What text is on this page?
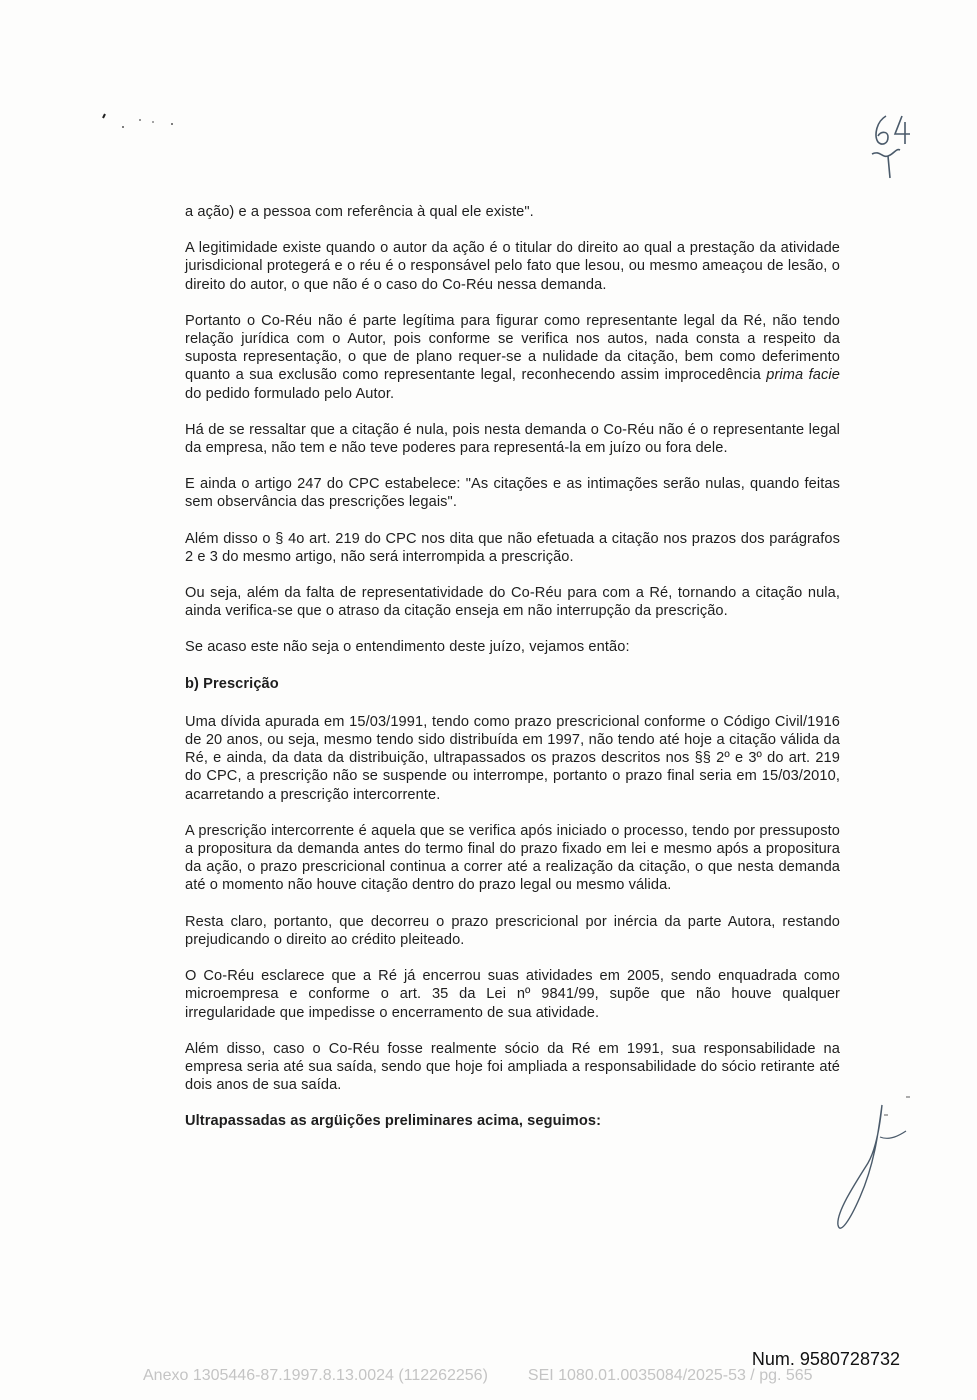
a ação) e a pessoa com referência à qual ele existe".

A legitimidade existe quando o autor da ação é o titular do direito ao qual a prestação da atividade jurisdicional protegerá e o réu é o responsável pelo fato que lesou, ou mesmo ameaçou de lesão, o direito do autor, o que não é o caso do Co-Réu nessa demanda.

Portanto o Co-Réu não é parte legítima para figurar como representante legal da Ré, não tendo relação jurídica com o Autor, pois conforme se verifica nos autos, nada consta a respeito da suposta representação, o que de plano requer-se a nulidade da citação, bem como deferimento quanto a sua exclusão como representante legal, reconhecendo assim improcedência prima facie do pedido formulado pelo Autor.

Há de se ressaltar que a citação é nula, pois nesta demanda o Co-Réu não é o representante legal da empresa, não tem e não teve poderes para representá-la em juízo ou fora dele.

E ainda o artigo 247 do CPC estabelece: "As citações e as intimações serão nulas, quando feitas sem observância das prescrições legais".

Além disso o § 4o art. 219 do CPC nos dita que não efetuada a citação nos prazos dos parágrafos 2 e 3 do mesmo artigo, não será interrompida a prescrição.

Ou seja, além da falta de representatividade do Co-Réu para com a Ré, tornando a citação nula, ainda verifica-se que o atraso da citação enseja em não interrupção da prescrição.

Se acaso este não seja o entendimento deste juízo, vejamos então:

b) Prescrição

Uma dívida apurada em 15/03/1991, tendo como prazo prescricional conforme o Código Civil/1916 de 20 anos, ou seja, mesmo tendo sido distribuída em 1997, não tendo até hoje a citação válida da Ré, e ainda, da data da distribuição, ultrapassados os prazos descritos nos §§ 2º e 3º do art. 219 do CPC, a prescrição não se suspende ou interrompe, portanto o prazo final seria em 15/03/2010, acarretando a prescrição intercorrente.

A prescrição intercorrente é aquela que se verifica após iniciado o processo, tendo por pressuposto a propositura da demanda antes do termo final do prazo fixado em lei e mesmo após a propositura da ação, o prazo prescricional continua a correr até a realização da citação, o que nesta demanda até o momento não houve citação dentro do prazo legal ou mesmo válida.

Resta claro, portanto, que decorreu o prazo prescricional por inércia da parte Autora, restando prejudicando o direito ao crédito pleiteado.

O Co-Réu esclarece que a Ré já encerrou suas atividades em 2005, sendo enquadrada como microempresa e conforme o art. 35 da Lei nº 9841/99, supõe que não houve qualquer irregularidade que impedisse o encerramento de sua atividade.

Além disso, caso o Co-Réu fosse realmente sócio da Ré em 1991, sua responsabilidade na empresa seria até sua saída, sendo que hoje foi ampliada a responsabilidade do sócio retirante até dois anos de sua saída.

Ultrapassadas as argüições preliminares acima, seguimos:

Num. 9580728732
Anexo 1305446-87.1997.8.13.0024 (112262256)	SEI 1080.01.0035084/2025-53 / pg. 565
